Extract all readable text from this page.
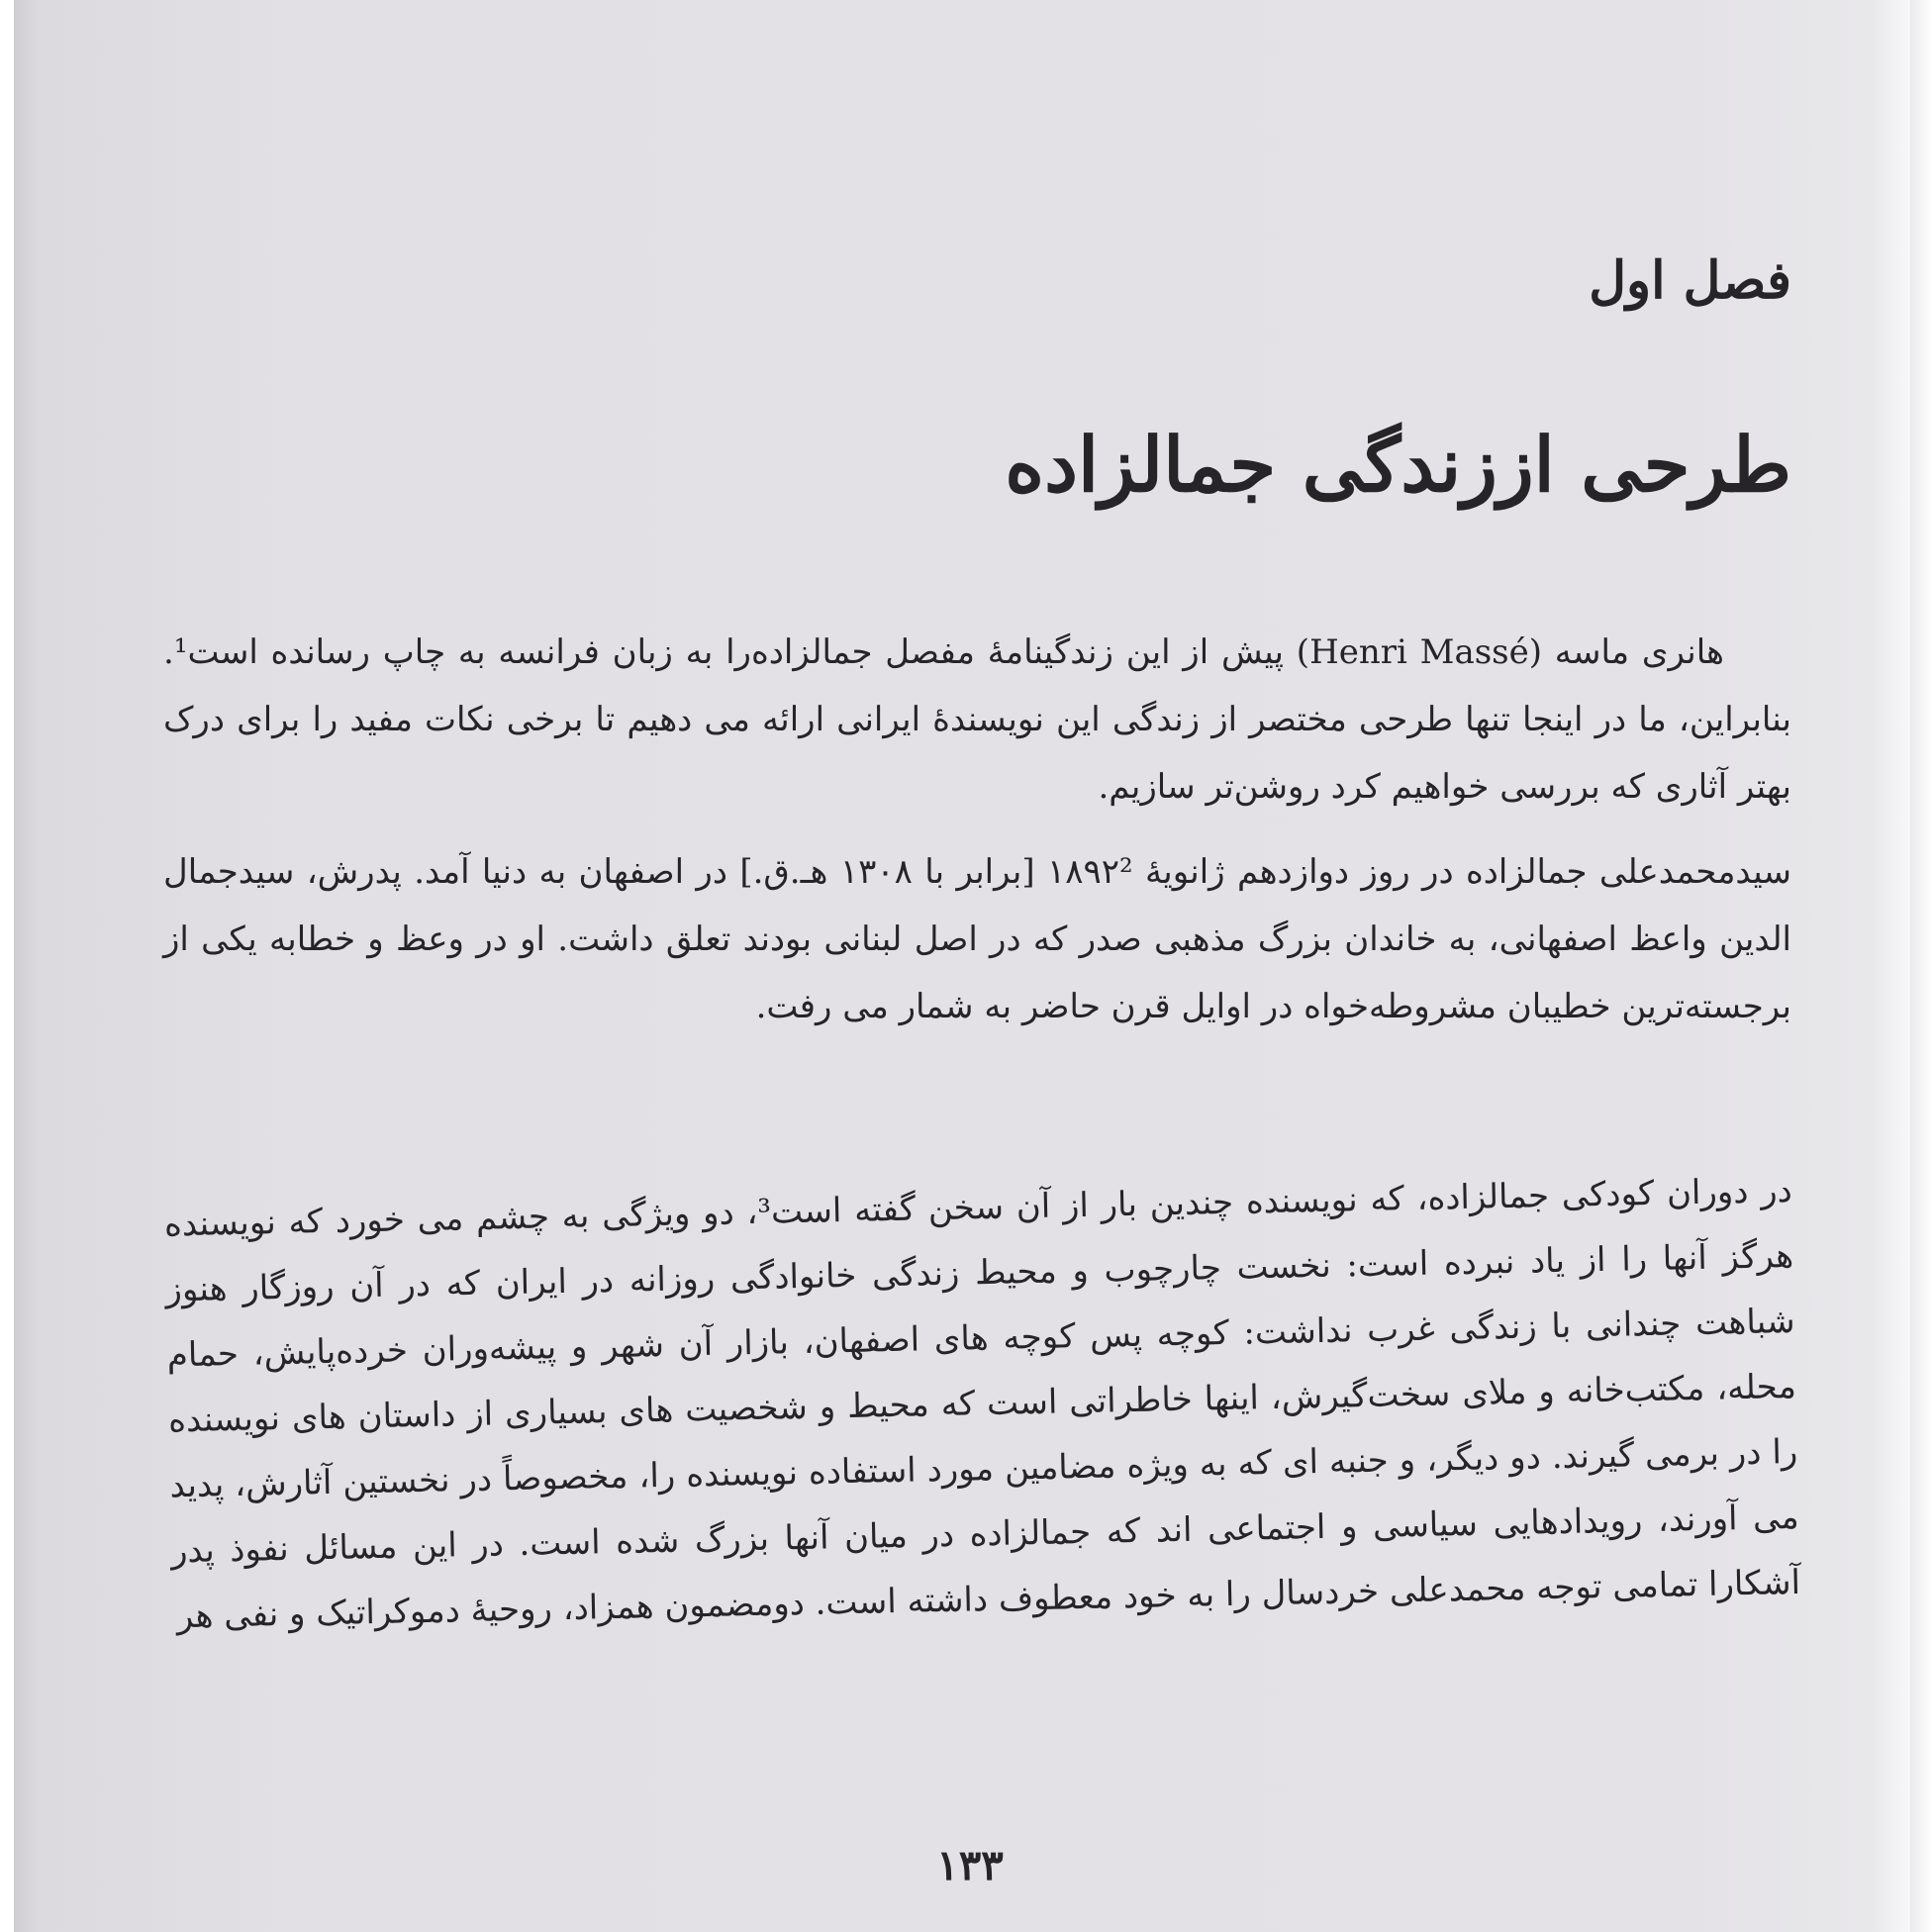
فصل اول
طرحی اززندگی جمالزاده

هانری ماسه (Henri Massé) پیش از این زندگینامهٔ مفصل جمالزاده‌را به زبان فرانسه به چاپ رسانده است¹. بنابراین، ما در اینجا تنها طرحی مختصر از زندگی این نویسندهٔ ایرانی ارائه می دهیم تا برخی نکات مفید را برای درک بهتر آثاری که بررسی خواهیم کرد روشن‌تر سازیم.

سیدمحمدعلی جمالزاده در روز دوازدهم ژانویهٔ ۱۸۹۲² [برابر با ۱۳۰۸ هـ.ق.] در اصفهان به دنیا آمد. پدرش، سیدجمال الدین واعظ اصفهانی، به خاندان بزرگ مذهبی صدر که در اصل لبنانی بودند تعلق داشت. او در وعظ و خطابه یکی از برجسته‌ترین خطیبان مشروطه‌خواه در اوایل قرن حاضر به شمار می رفت.

در دوران کودکی جمالزاده، که نویسنده چندین بار از آن سخن گفته است³، دو ویژگی به چشم می خورد که نویسنده هرگز آنها را از یاد نبرده است: نخست چارچوب و محیط زندگی خانوادگی روزانه در ایران که در آن روزگار هنوز شباهت چندانی با زندگی غرب نداشت: کوچه پس کوچه های اصفهان، بازار آن شهر و پیشه‌وران خرده‌پایش، حمام محله، مکتب‌خانه و ملای سخت‌گیرش، اینها خاطراتی است که محیط و شخصیت های بسیاری از داستان های نویسنده را در برمی گیرند. دو دیگر، و جنبه ای که به ویژه مضامین مورد استفاده نویسنده را، مخصوصاً در نخستین آثارش، پدید می آورند، رویدادهایی سیاسی و اجتماعی اند که جمالزاده در میان آنها بزرگ شده است. در این مسائل نفوذ پدر آشکارا تمامی توجه محمدعلی خردسال را به خود معطوف داشته است. دومضمون همزاد، روحیهٔ دموکراتیک و نفی هر

۱۳۳
